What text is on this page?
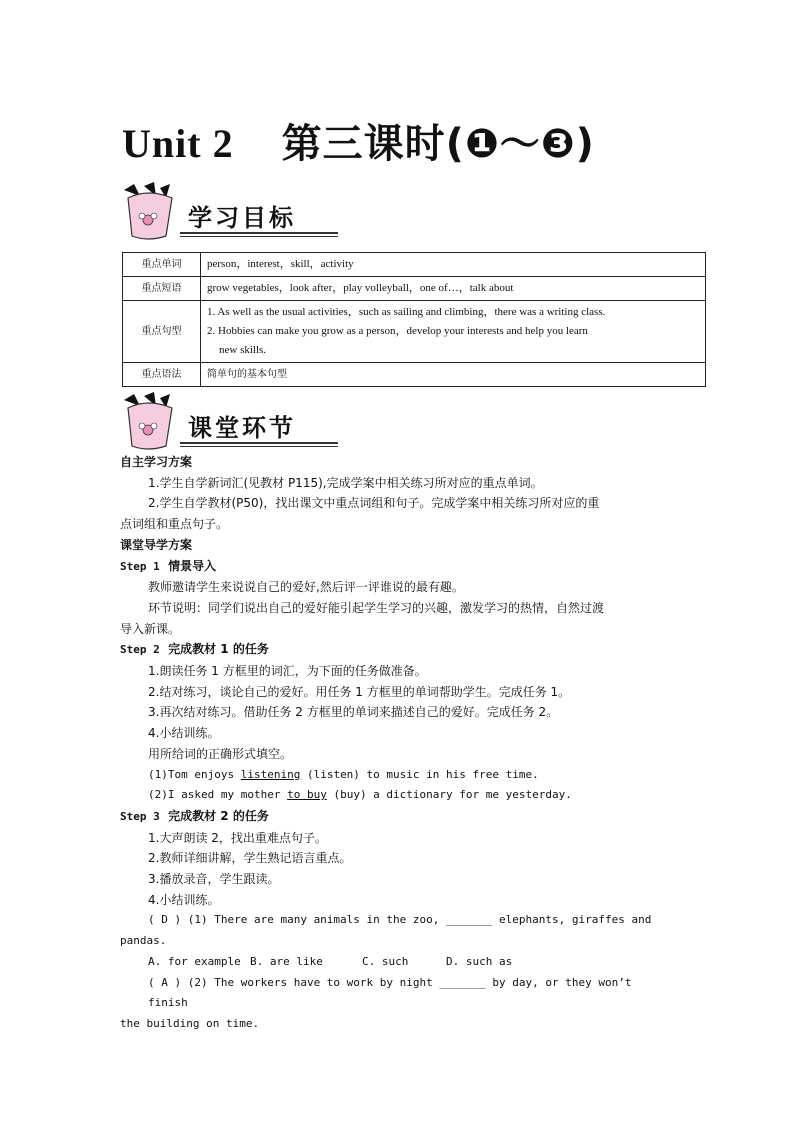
Unit 2 第三课时(❶～❸)
学习目标
重点单词	person，interest，skill，activity
重点短语	grow vegetables，look after，play volleyball，one of…，talk about
重点句型	1. As well as the usual activities，such as sailing and climbing，there was a writing class.
2. Hobbies can make you grow as a person，develop your interests and help you learn
new skills.

重点语法	简单句的基本句型
课堂环节

自主学习方案

1.学生自学新词汇(见教材 P115),完成学案中相关练习所对应的重点单词。

2.学生自学教材(P50)，找出课文中重点词组和句子。完成学案中相关练习所对应的重

点词组和重点句子。

课堂导学方案

Step 1 情景导入

教师邀请学生来说说自己的爱好,然后评一评谁说的最有趣。

环节说明：同学们说出自己的爱好能引起学生学习的兴趣，激发学习的热情，自然过渡

导入新课。

Step 2 完成教材 1 的任务

1.朗读任务 1 方框里的词汇，为下面的任务做准备。

2.结对练习，谈论自己的爱好。用任务 1 方框里的单词帮助学生。完成任务 1。

3.再次结对练习。借助任务 2 方框里的单词来描述自己的爱好。完成任务 2。

4.小结训练。

用所给词的正确形式填空。

(1)Tom enjoys listening (listen) to music in his free time.

(2)I asked my mother to buy (buy) a dictionary for me yesterday.

Step 3 完成教材 2 的任务

1.大声朗读 2，找出重难点句子。

2.教师详细讲解，学生熟记语言重点。

3.播放录音，学生跟读。

4.小结训练。

( D ) (1) There are many animals in the zoo, _______ elephants, giraffes and

pandas.

A. for example B. are like	C. such	D. such as

( A ) (2) The workers have to work by night _______ by day, or they won’t finish

the building on time.
